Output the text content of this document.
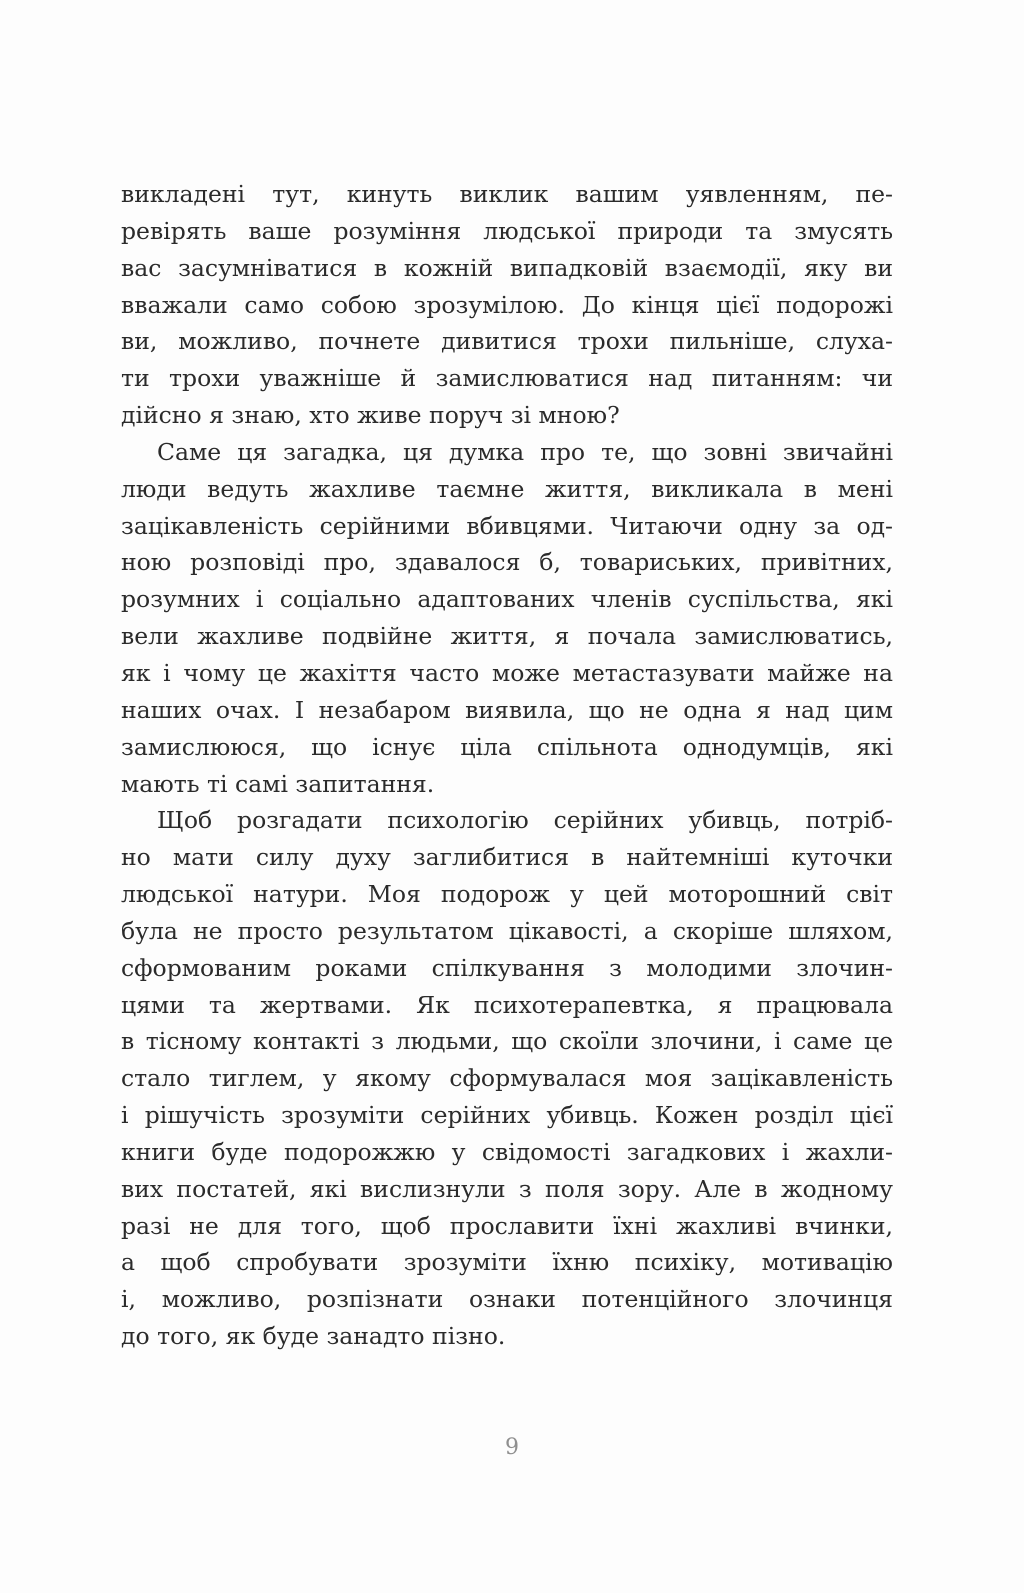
викладені тут, кинуть виклик вашим уявленням, пе-
ревірять ваше розуміння людської природи та змусять
вас засумніватися в кожній випадковій взаємодії, яку ви
вважали само собою зрозумілою. До кінця цієї подорожі
ви, можливо, почнете дивитися трохи пильніше, слуха-
ти трохи уважніше й замислюватися над питанням: чи
дійсно я знаю, хто живе поруч зі мною?
Саме ця загадка, ця думка про те, що зовні звичайні
люди ведуть жахливе таємне життя, викликала в мені
зацікавленість серійними вбивцями. Читаючи одну за од-
ною розповіді про, здавалося б, товариських, привітних,
розумних і соціально адаптованих членів суспільства, які
вели жахливе подвійне життя, я почала замислюватись,
як і чому це жахіття часто може метастазувати майже на
наших очах. І незабаром виявила, що не одна я над цим
замислююся, що існує ціла спільнота однодумців, які
мають ті самі запитання.
Щоб розгадати психологію серійних убивць, потріб-
но мати силу духу заглибитися в найтемніші куточки
людської натури. Моя подорож у цей моторошний світ
була не просто результатом цікавості, а скоріше шляхом,
сформованим роками спілкування з молодими злочин-
цями та жертвами. Як психотерапевтка, я працювала
в тісному контакті з людьми, що скоїли злочини, і саме це
стало тиглем, у якому сформувалася моя зацікавленість
і рішучість зрозуміти серійних убивць. Кожен розділ цієї
книги буде подорожжю у свідомості загадкових і жахли-
вих постатей, які вислизнули з поля зору. Але в жодному
разі не для того, щоб прославити їхні жахливі вчинки,
а щоб спробувати зрозуміти їхню психіку, мотивацію
і, можливо, розпізнати ознаки потенційного злочинця
до того, як буде занадто пізно.
9
